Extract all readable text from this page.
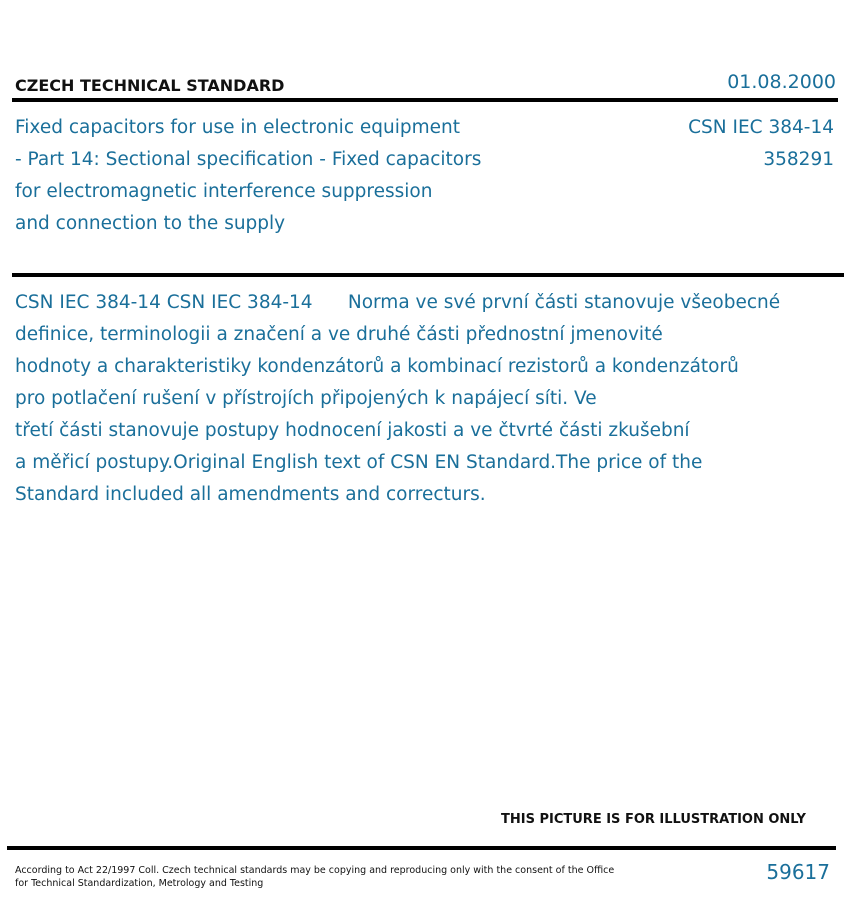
CZECH TECHNICAL STANDARD	01.08.2000
Fixed capacitors for use in electronic equipment
- Part 14: Sectional specification - Fixed capacitors
for electromagnetic interference suppression
and connection to the supply
CSN IEC 384-14
358291
CSN IEC 384-14 CSN IEC 384-14      Norma ve své první části stanovuje všeobecné
definice, terminologii a značení a ve druhé části přednostní jmenovité
hodnoty a charakteristiky kondenzátorů a kombinací rezistorů a kondenzátorů
pro potlačení rušení v přístrojích připojených k napájecí síti. Ve
třetí části stanovuje postupy hodnocení jakosti a ve čtvrté části zkušební
a měřicí postupy.Original English text of CSN EN Standard.The price of the
Standard included all amendments and correcturs.
THIS PICTURE IS FOR ILLUSTRATION ONLY
According to Act 22/1997 Coll. Czech technical standards may be copying and reproducing only with the consent of the Office
for Technical Standardization, Metrology and Testing	59617
